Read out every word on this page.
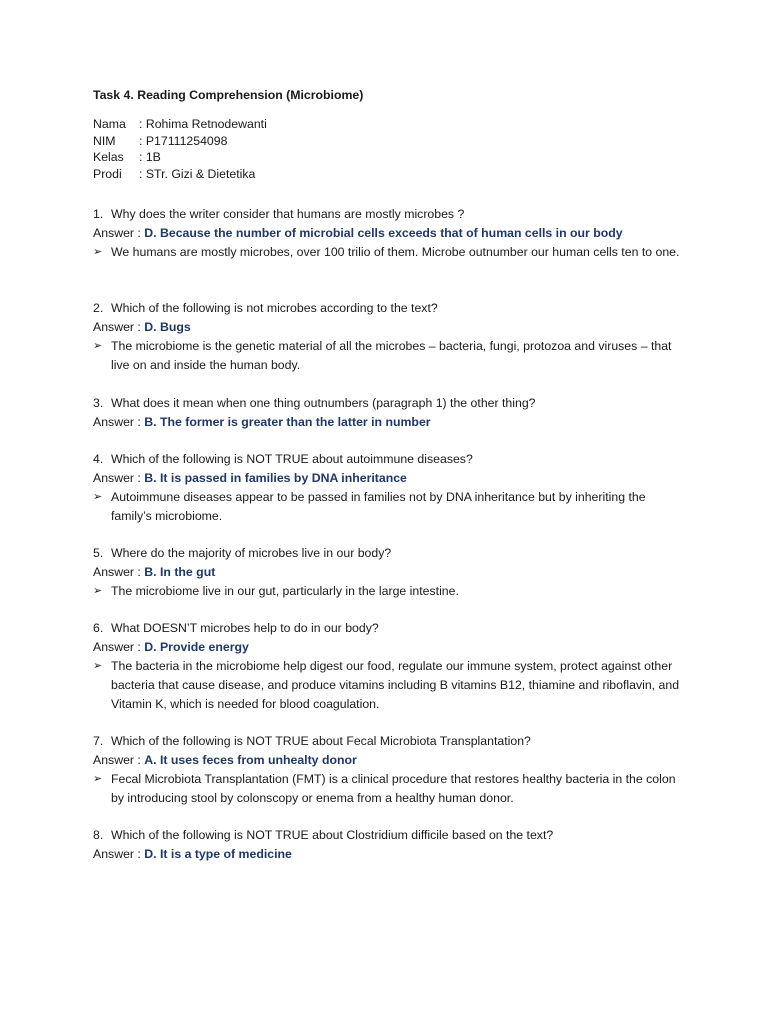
Task 4. Reading Comprehension (Microbiome)
Nama	: Rohima Retnodewanti
NIM	: P17111254098
Kelas	: 1B
Prodi	: STr. Gizi & Dietetika
1. Why does the writer consider that humans are mostly microbes ?
Answer : D. Because the number of microbial cells exceeds that of human cells in our body
➢ We humans are mostly microbes, over 100 trilio of them. Microbe outnumber our human cells ten to one.
2. Which of the following is not microbes according to the text?
Answer : D. Bugs
➢ The microbiome is the genetic material of all the microbes – bacteria, fungi, protozoa and viruses – that live on and inside the human body.
3. What does it mean when one thing outnumbers (paragraph 1) the other thing?
Answer : B. The former is greater than the latter in number
4. Which of the following is NOT TRUE about autoimmune diseases?
Answer : B. It is passed in families by DNA inheritance
➢ Autoimmune diseases appear to be passed in families not by DNA inheritance but by inheriting the family’s microbiome.
5. Where do the majority of microbes live in our body?
Answer : B. In the gut
➢ The microbiome live in our gut, particularly in the large intestine.
6. What DOESN’T microbes help to do in our body?
Answer : D. Provide energy
➢ The bacteria in the microbiome help digest our food, regulate our immune system, protect against other bacteria that cause disease, and produce vitamins including B vitamins B12, thiamine and riboflavin, and Vitamin K, which is needed for blood coagulation.
7. Which of the following is NOT TRUE about Fecal Microbiota Transplantation?
Answer : A. It uses feces from unhealty donor
➢ Fecal Microbiota Transplantation (FMT) is a clinical procedure that restores healthy bacteria in the colon by introducing stool by colonscopy or enema from a healthy human donor.
8. Which of the following is NOT TRUE about Clostridium difficile based on the text?
Answer : D. It is a type of medicine
